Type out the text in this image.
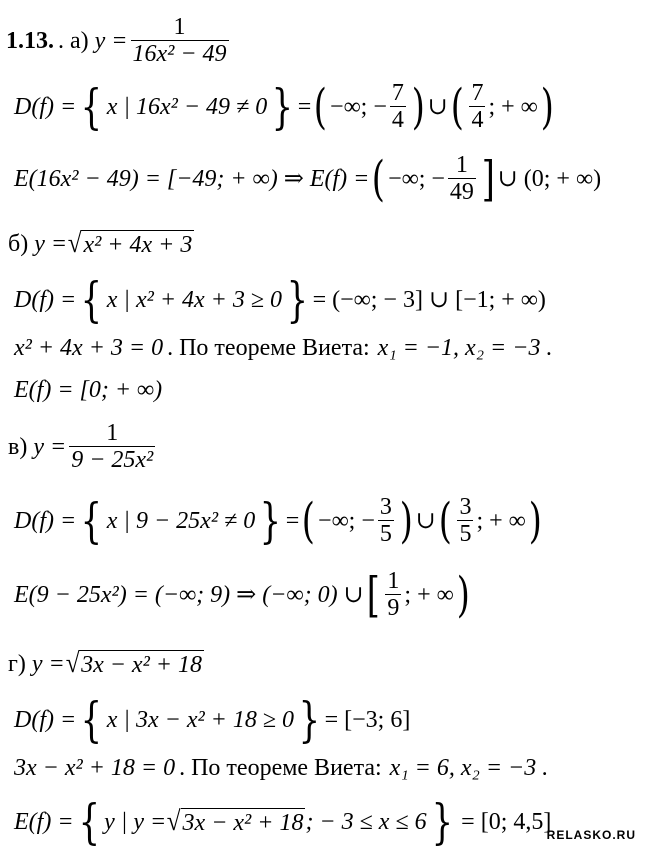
1.13. . а) $y = \frac{1}{\text{16x² − 49}}$
D(f) = { x | 16x² − 49 ≠ 0 } = ( −∞; − $\frac{7}{4}$ ) ∪ ( $\frac{7}{4}$ ; + ∞ )
E(16x² − 49) = [−49; + ∞) ⇒ E(f) = ( −∞; − $\frac{1}{49}$ ] ∪ (0; + ∞)
б) y = √ x² + 4x + 3
D(f) = { x | x² + 4x + 3 ≥ 0 } = (−∞; − 3] ∪ [−1; + ∞)
x² + 4x + 3 = 0 . По теореме Виета: x₁ = −1, x₂ = −3 .
E(f) = [0; + ∞)
в) $y = \frac{1}{\text{9 − 25x²}}$
D(f) = { x | 9 − 25x² ≠ 0 } = ( −∞; − $\frac{3}{5}$ ) ∪ ( $\frac{3}{5}$ ; + ∞ )
E(9 − 25x²) = (−∞; 9) ⇒ (−∞; 0) ∪ [ $\frac{1}{9}$ ; + ∞ )
г) y = √ 3x − x² + 18
D(f) = { x | 3x − x² + 18 ≥ 0 } = [−3; 6]
3x − x² + 18 = 0 . По теореме Виета: x₁ = 6, x₂ = −3 .
E(f) = { y | y = √ 3x − x² + 18 ; − 3 ≤ x ≤ 6 } = [0; 4,5]
RELASKO.RU
